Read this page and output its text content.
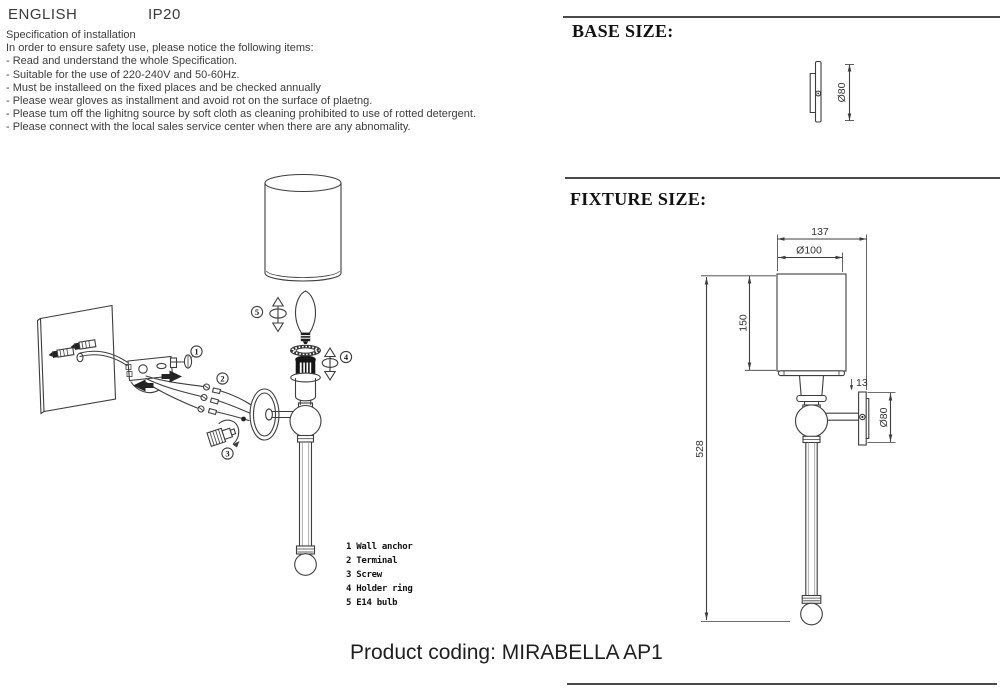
ENGLISH	IP20
Specification of installation
In order to ensure safety use, please notice the following items:
- Read and understand the whole Specification.
- Suitable for the use of 220-240V and 50-60Hz.
- Must be installeed on the fixed places and be checked annually
- Please wear gloves as installment and avoid rot on the surface of plaetng.
- Please tum off the lighitng source by soft cloth as cleaning prohibited to use of rotted detergent.
- Please connect with the local sales service center when there are any abnomality.
BASE SIZE:
FIXTURE SIZE:
1 Wall anchor
2 Terminal
3 Screw
4 Holder ring
5 E14 bulb
Product coding: MIRABELLA AP1
1
2
3
4
5
Ø80
137
Ø100
150
528
13
Ø80
